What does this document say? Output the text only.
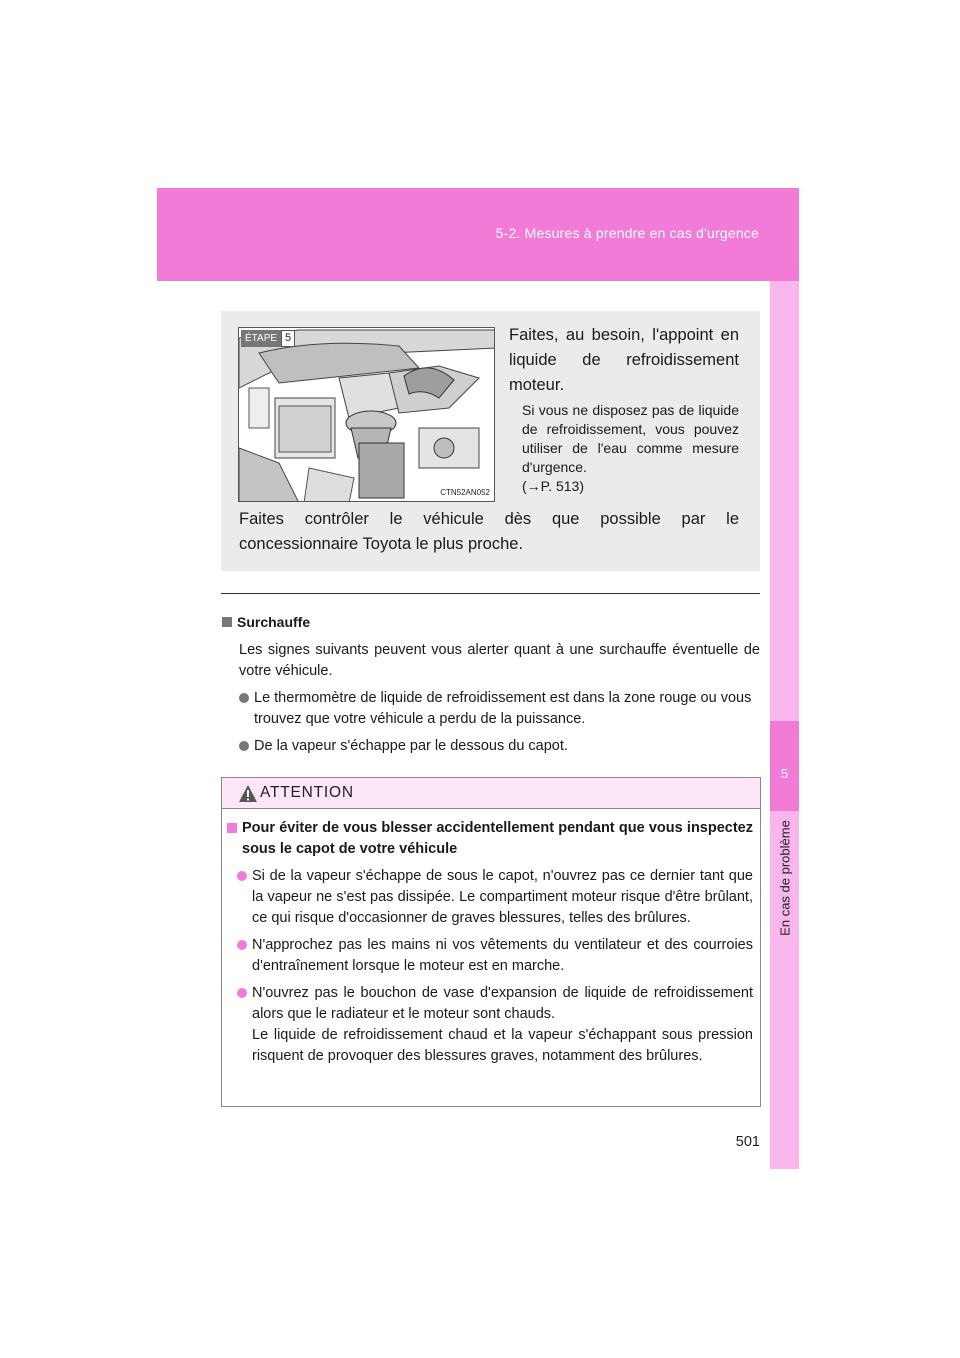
5-2. Mesures à prendre en cas d'urgence
5
En cas de problème
ÉTAPE 5
CTN52AN052
Faites, au besoin, l'appoint en
liquide de refroidissement
moteur.
Si vous ne disposez pas de liquide de refroidissement, vous pouvez utiliser de l'eau comme mesure d'urgence.
(→P. 513)
Faites contrôler le véhicule dès que possible par le
concessionnaire Toyota le plus proche.
Surchauffe
Les signes suivants peuvent vous alerter quant à une surchauffe éventuelle de votre véhicule.
Le thermomètre de liquide de refroidissement est dans la zone rouge ou vous trouvez que votre véhicule a perdu de la puissance.
De la vapeur s'échappe par le dessous du capot.
ATTENTION
Pour éviter de vous blesser accidentellement pendant que vous inspectez sous le capot de votre véhicule
Si de la vapeur s'échappe de sous le capot, n'ouvrez pas ce dernier tant que la vapeur ne s'est pas dissipée. Le compartiment moteur risque d'être brûlant, ce qui risque d'occasionner de graves blessures, telles des brûlures.
N'approchez pas les mains ni vos vêtements du ventilateur et des courroies d'entraînement lorsque le moteur est en marche.
N'ouvrez pas le bouchon de vase d'expansion de liquide de refroidissement alors que le radiateur et le moteur sont chauds.
Le liquide de refroidissement chaud et la vapeur s'échappant sous pression risquent de provoquer des blessures graves, notamment des brûlures.
501
